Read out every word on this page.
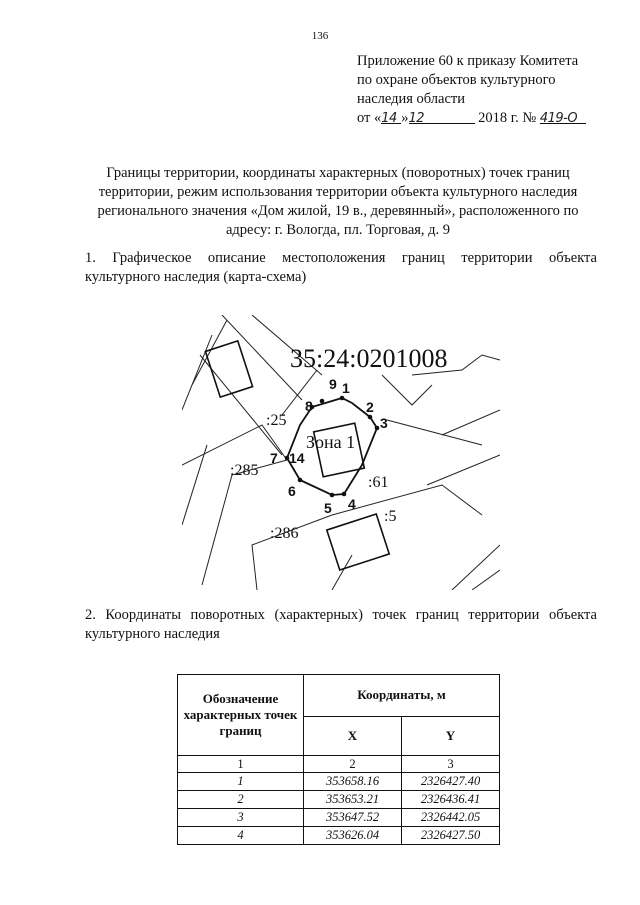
136
Приложение 60 к приказу Комитета
по охране объектов культурного
наследия области
от «14 »12	2018 г. № 419-О
Границы территории, координаты характерных (поворотных) точек границ
территории, режим использования территории объекта культурного наследия
регионального значения «Дом жилой, 19 в., деревянный», расположенного по
адресу: г. Вологда, пл. Торговая, д. 9
1. Графическое описание местоположения границ территории объекта культурного наследия (карта-схема)
35:24:0201008
Зона 1
:25
:285
:286
:61
:5
1
2
3
4
5
6
7
8
9
14
2. Координаты поворотных (характерных) точек границ территории объекта культурного наследия
Обозначение характерных точек границ	Координаты, м	
	X	Y
1	2	3
1	353658.16	2326427.40
2	353653.21	2326436.41
3	353647.52	2326442.05
4	353626.04	2326427.50
